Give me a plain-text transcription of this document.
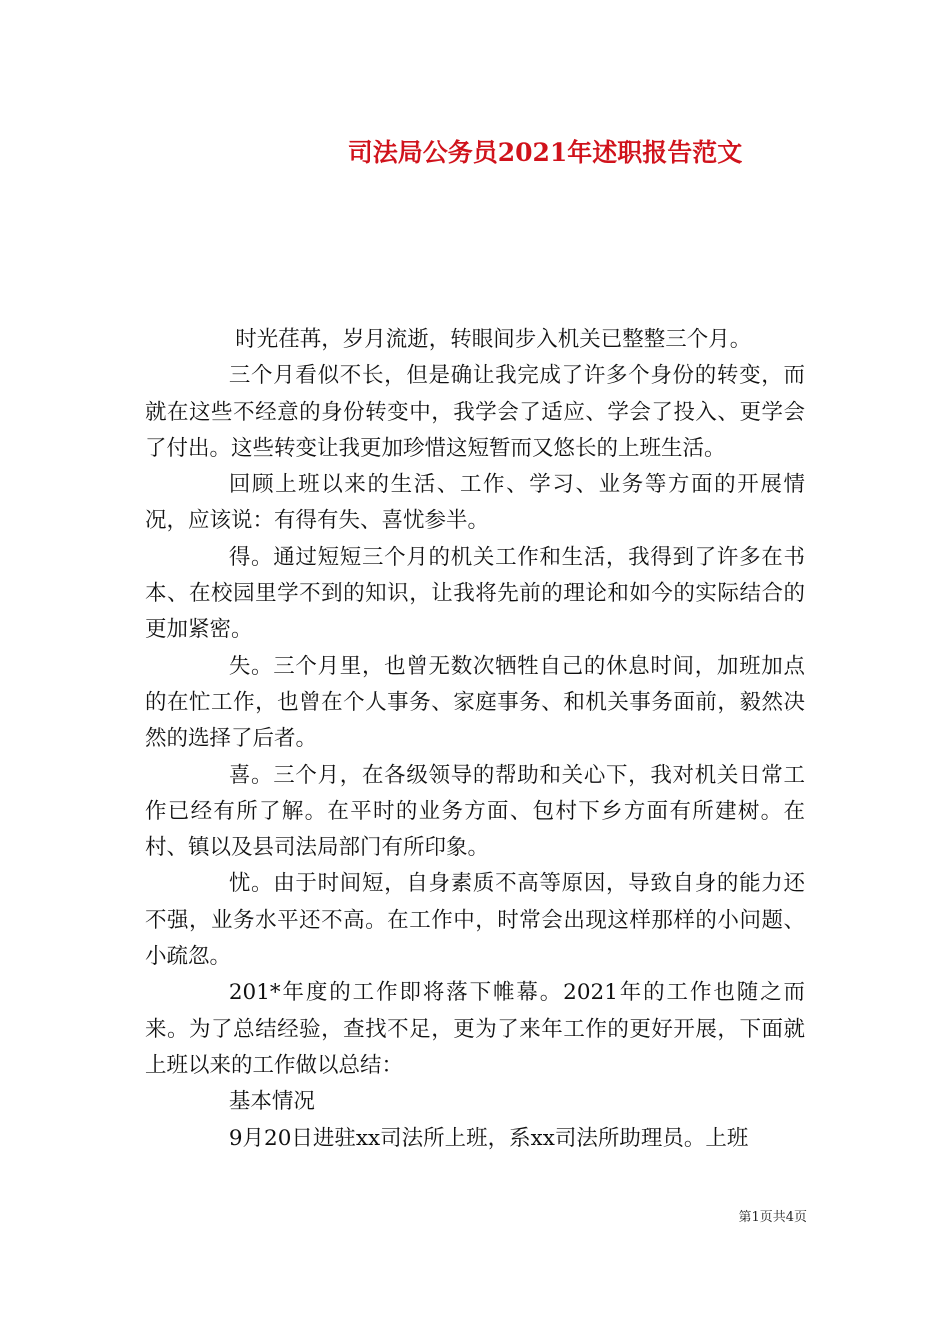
司法局公务员2021年述职报告范文

时光荏苒，岁月流逝，转眼间步入机关已整整三个月。

三个月看似不长，但是确让我完成了许多个身份的转变，而就在这些不经意的身份转变中，我学会了适应、学会了投入、更学会了付出。这些转变让我更加珍惜这短暂而又悠长的上班生活。

回顾上班以来的生活、工作、学习、业务等方面的开展情况，应该说：有得有失、喜忧参半。

得。通过短短三个月的机关工作和生活，我得到了许多在书本、在校园里学不到的知识，让我将先前的理论和如今的实际结合的更加紧密。

失。三个月里，也曾无数次牺牲自己的休息时间，加班加点的在忙工作，也曾在个人事务、家庭事务、和机关事务面前，毅然决然的选择了后者。

喜。三个月，在各级领导的帮助和关心下，我对机关日常工作已经有所了解。在平时的业务方面、包村下乡方面有所建树。在村、镇以及县司法局部门有所印象。

忧。由于时间短，自身素质不高等原因，导致自身的能力还不强，业务水平还不高。在工作中，时常会出现这样那样的小问题、小疏忽。

201*年度的工作即将落下帷幕。2021年的工作也随之而来。为了总结经验，查找不足，更为了来年工作的更好开展，下面就上班以来的工作做以总结：

基本情况

9月20日进驻xx司法所上班，系xx司法所助理员。上班

第1页共4页
